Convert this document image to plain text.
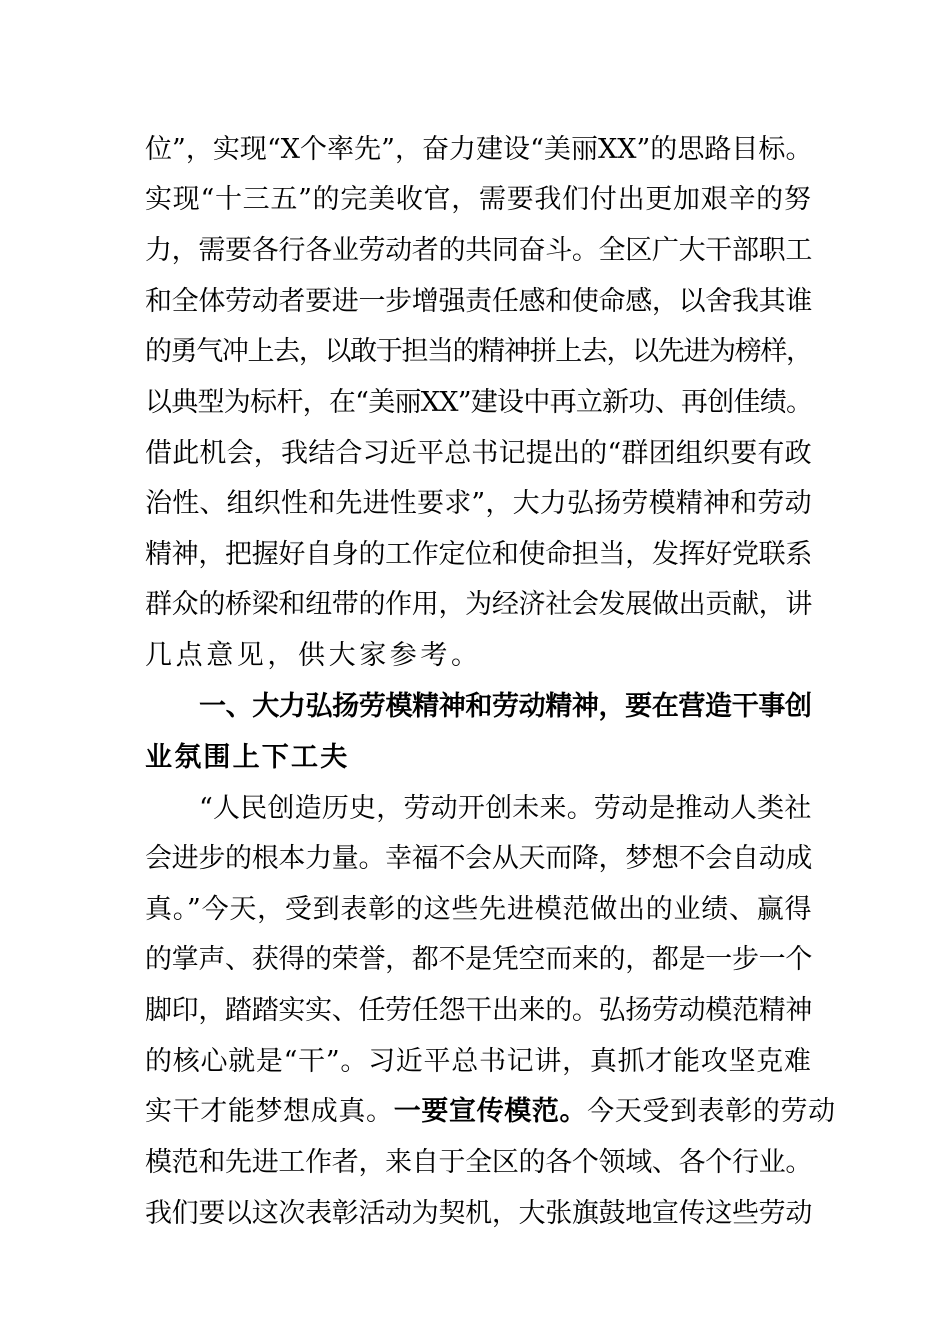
位”，实现“X个率先”，奋力建设“美丽XX”的思路目标。
实现“十三五”的完美收官，需要我们付出更加艰辛的努
力，需要各行各业劳动者的共同奋斗。全区广大干部职工
和全体劳动者要进一步增强责任感和使命感，以舍我其谁
的勇气冲上去，以敢于担当的精神拼上去，以先进为榜样，
以典型为标杆，在“美丽XX”建设中再立新功、再创佳绩。
借此机会，我结合习近平总书记提出的“群团组织要有政
治性、组织性和先进性要求”，大力弘扬劳模精神和劳动
精神，把握好自身的工作定位和使命担当，发挥好党联系
群众的桥梁和纽带的作用，为经济社会发展做出贡献，讲
几点意见，供大家参考。
一、大力弘扬劳模精神和劳动精神，要在营造干事创
业氛围上下工夫
“人民创造历史，劳动开创未来。劳动是推动人类社
会进步的根本力量。幸福不会从天而降，梦想不会自动成
真。”今天，受到表彰的这些先进模范做出的业绩、赢得
的掌声、获得的荣誉，都不是凭空而来的，都是一步一个
脚印，踏踏实实、任劳任怨干出来的。弘扬劳动模范精神
的核心就是“干”。习近平总书记讲，真抓才能攻坚克难
实干才能梦想成真。一要宣传模范。今天受到表彰的劳动
模范和先进工作者，来自于全区的各个领域、各个行业。
我们要以这次表彰活动为契机，大张旗鼓地宣传这些劳动
